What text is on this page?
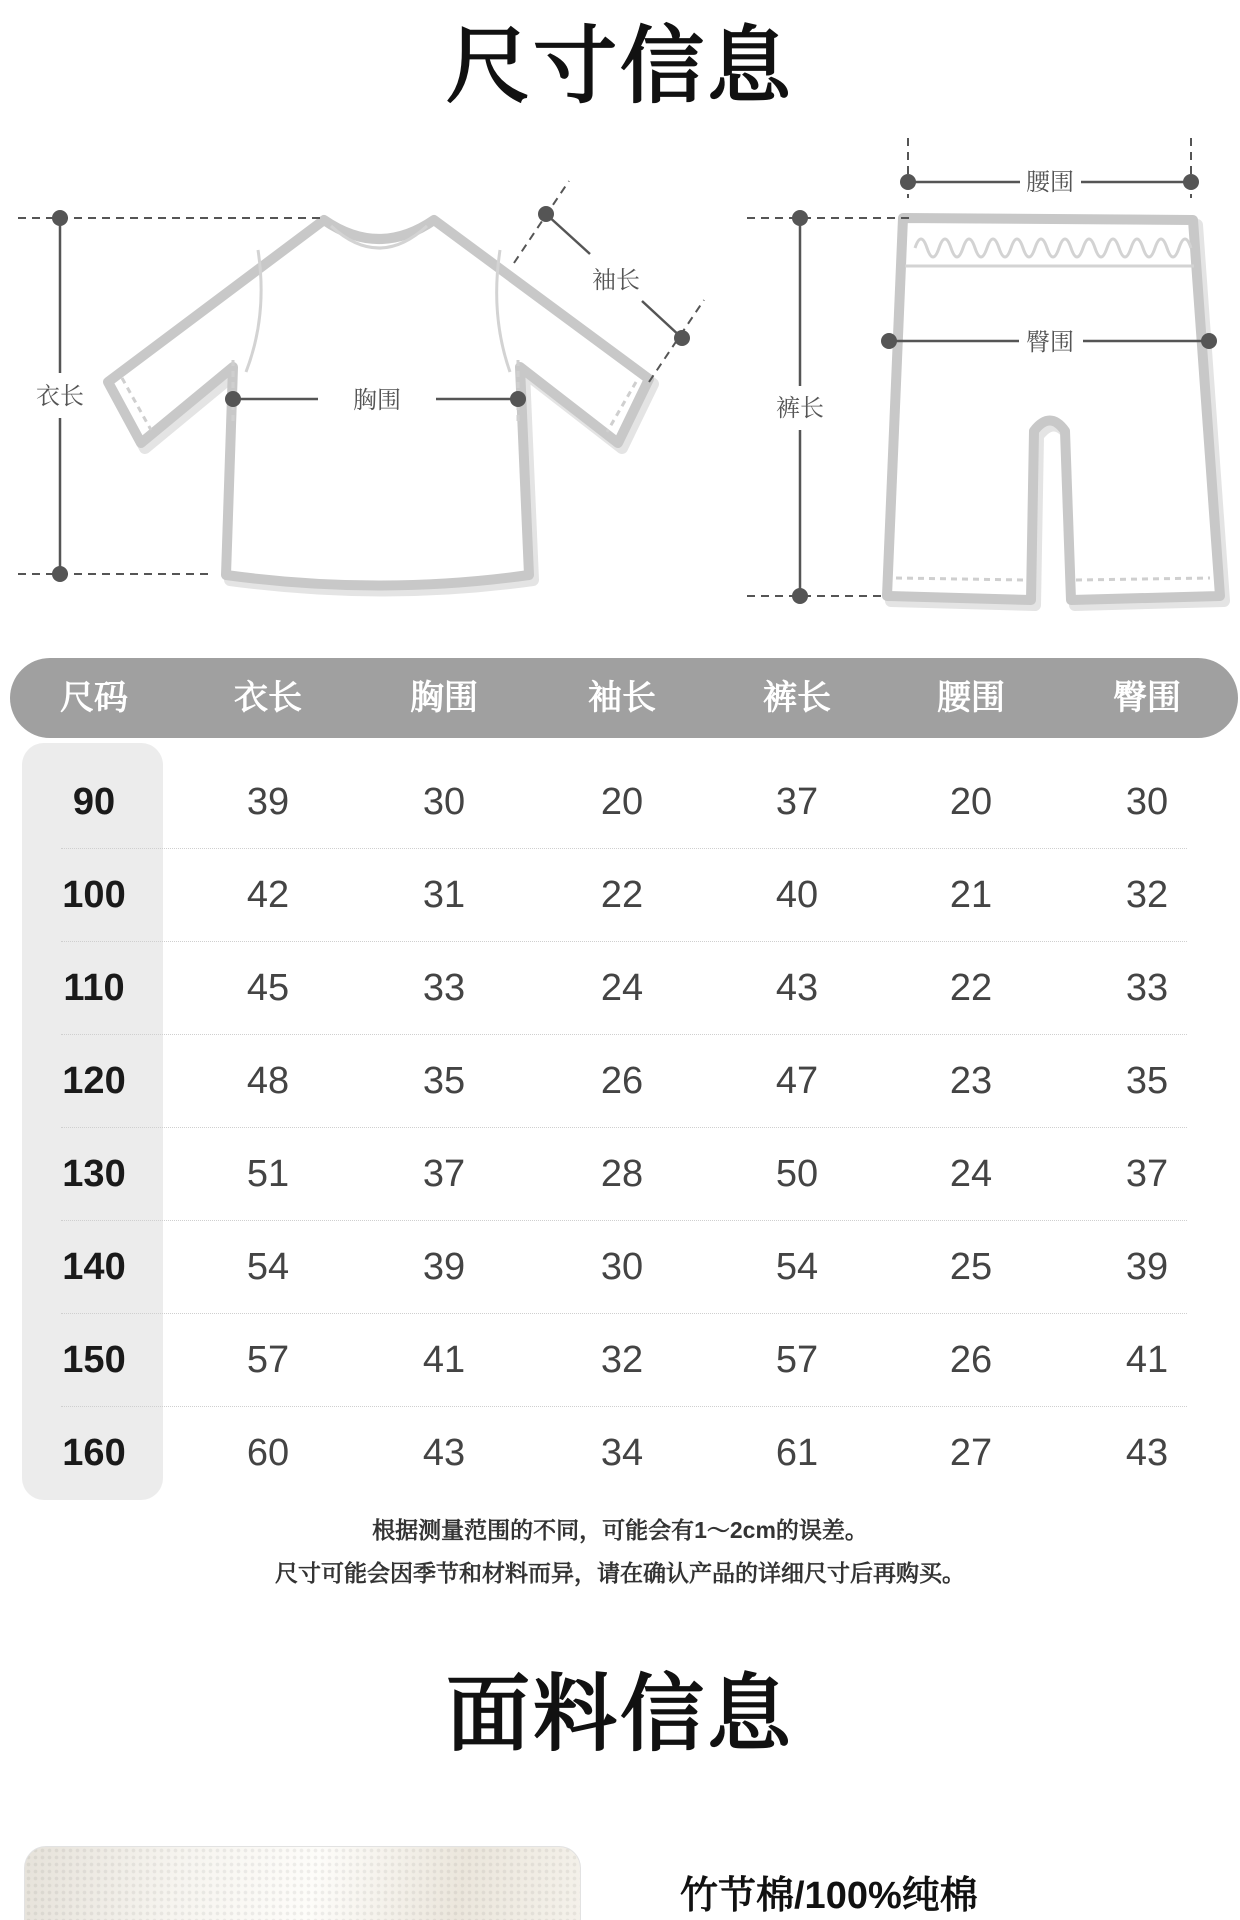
尺寸信息
衣长	胸围
袖长
腰围
裤长
臀围
尺码	衣长	胸围	袖长	裤长	腰围	臀围
90	39	30	20	37	20	30
100	42	31	22	40	21	32
110	45	33	24	43	22	33
120	48	35	26	47	23	35
130	51	37	28	50	24	37
140	54	39	30	54	25	39
150	57	41	32	57	26	41
160	60	43	34	61	27	43
根据测量范围的不同，可能会有1～2cm的误差。
尺寸可能会因季节和材料而异，请在确认产品的详细尺寸后再购买。
面料信息
竹节棉/100%纯棉
